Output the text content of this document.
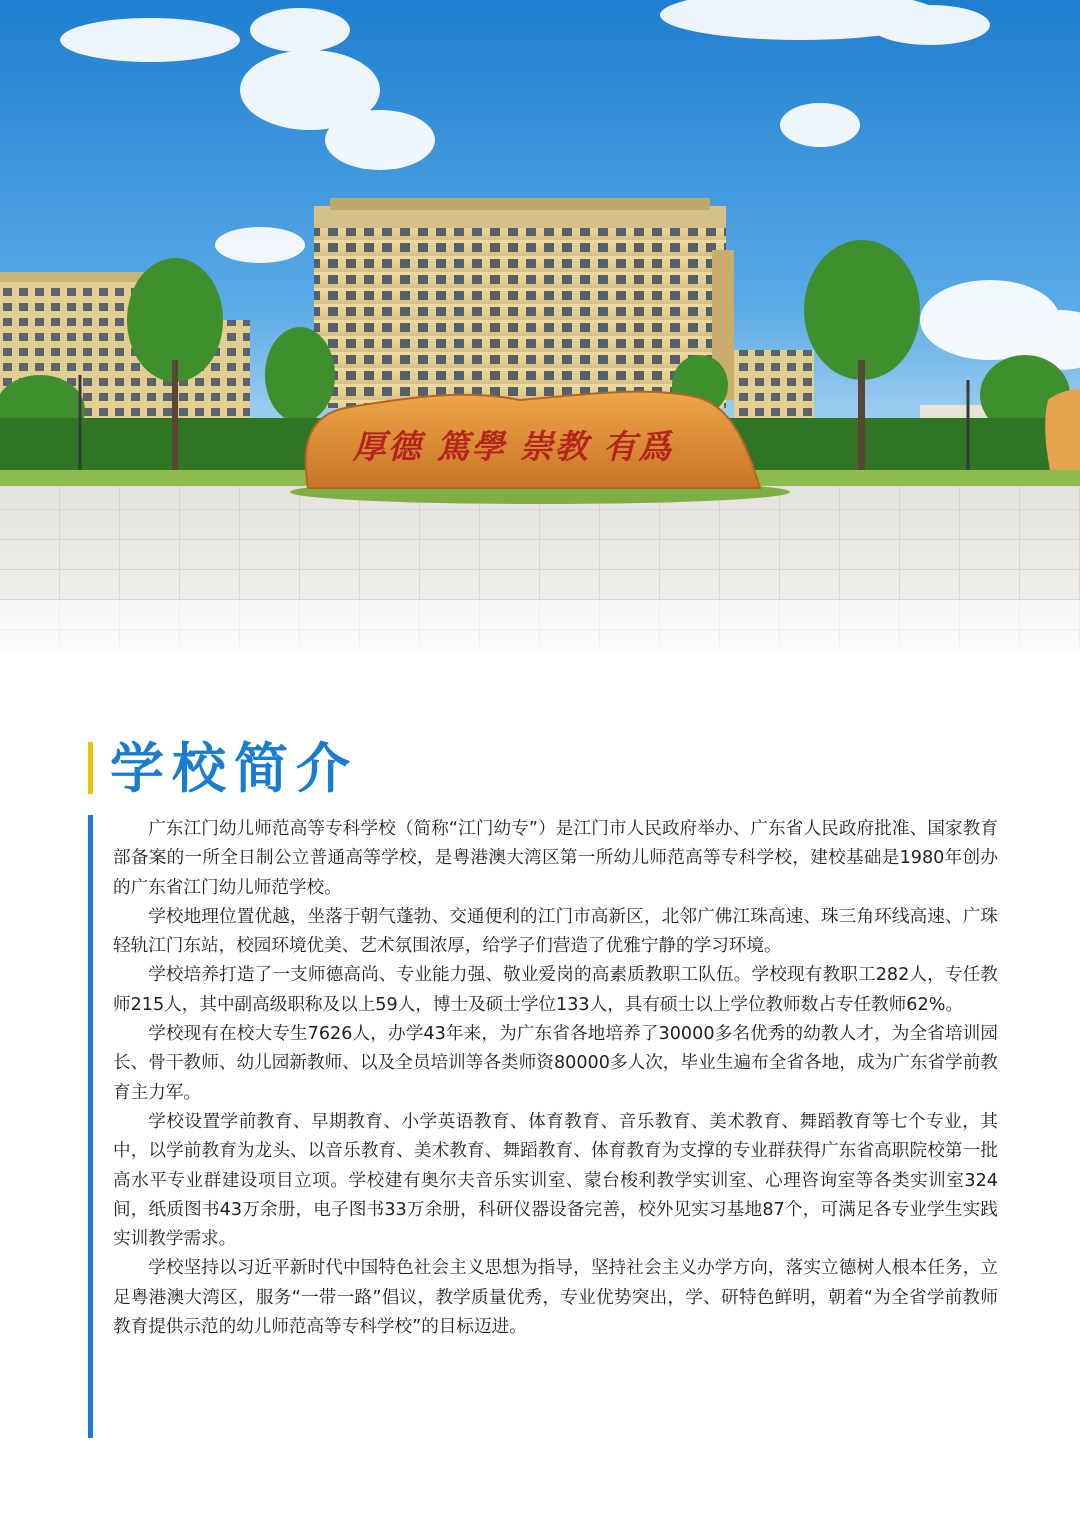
厚德 篤學 崇教 有爲
学校简介

广东江门幼儿师范高等专科学校（简称“江门幼专”）是江门市人民政府举办、广东省人民政府批准、国家教育部备案的一所全日制公立普通高等学校，是粤港澳大湾区第一所幼儿师范高等专科学校，建校基础是1980年创办的广东省江门幼儿师范学校。

学校地理位置优越，坐落于朝气蓬勃、交通便利的江门市高新区，北邻广佛江珠高速、珠三角环线高速、广珠轻轨江门东站，校园环境优美、艺术氛围浓厚，给学子们营造了优雅宁静的学习环境。

学校培养打造了一支师德高尚、专业能力强、敬业爱岗的高素质教职工队伍。学校现有教职工282人，专任教师215人，其中副高级职称及以上59人，博士及硕士学位133人，具有硕士以上学位教师数占专任教师62%。

学校现有在校大专生7626人，办学43年来，为广东省各地培养了30000多名优秀的幼教人才，为全省培训园长、骨干教师、幼儿园新教师、以及全员培训等各类师资80000多人次，毕业生遍布全省各地，成为广东省学前教育主力军。

学校设置学前教育、早期教育、小学英语教育、体育教育、音乐教育、美术教育、舞蹈教育等七个专业，其中，以学前教育为龙头、以音乐教育、美术教育、舞蹈教育、体育教育为支撑的专业群获得广东省高职院校第一批高水平专业群建设项目立项。学校建有奥尔夫音乐实训室、蒙台梭利教学实训室、心理咨询室等各类实训室324间，纸质图书43万余册，电子图书33万余册，科研仪器设备完善，校外见实习基地87个，可满足各专业学生实践实训教学需求。

学校坚持以习近平新时代中国特色社会主义思想为指导，坚持社会主义办学方向，落实立德树人根本任务，立足粤港澳大湾区，服务“一带一路”倡议，教学质量优秀，专业优势突出，学、研特色鲜明，朝着“为全省学前教师教育提供示范的幼儿师范高等专科学校”的目标迈进。
